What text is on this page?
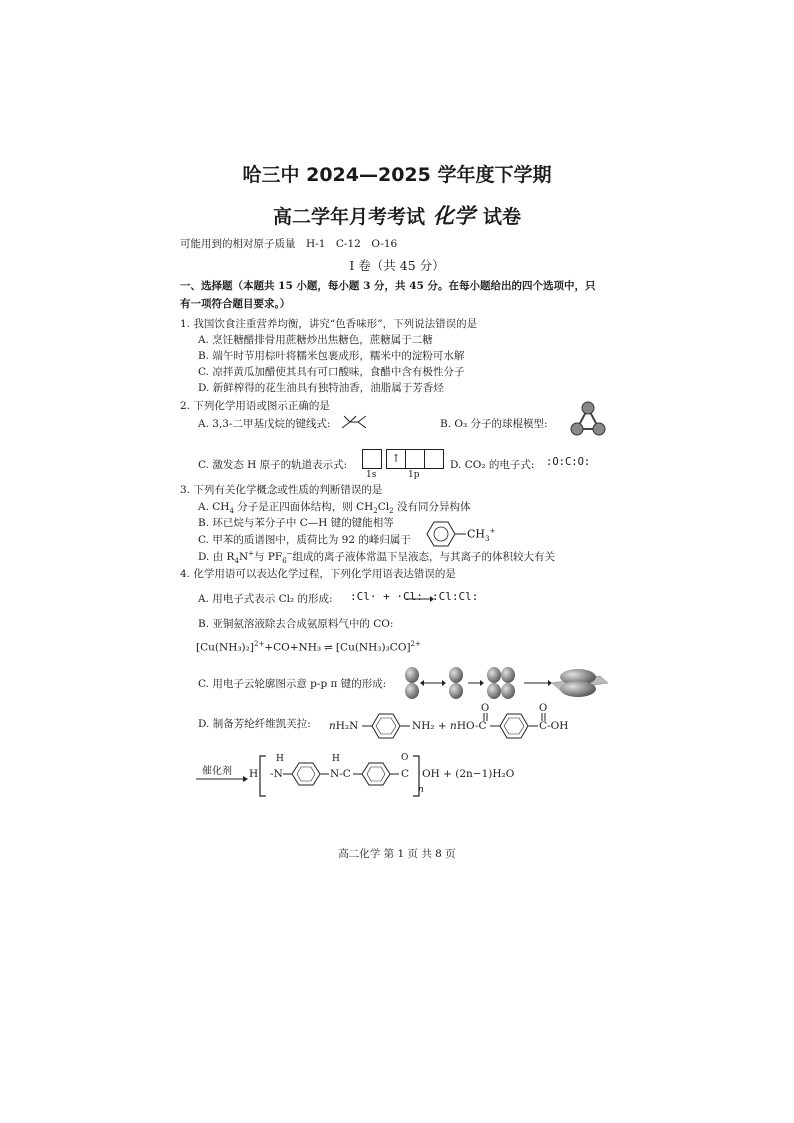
哈三中 2024—2025 学年度下学期
高二学年月考考试 化学 试卷
可能用到的相对原子质量　H-1　C-12　O-16
I 卷（共 45 分）
一、选择题（本题共 15 小题，每小题 3 分，共 45 分。在每小题给出的四个选项中，只
有一项符合题目要求。）
1. 我国饮食注重营养均衡，讲究“色香味形”，下列说法错误的是
A. 烹饪糖醋排骨用蔗糖炒出焦糖色，蔗糖属于二糖
B. 端午时节用棕叶将糯米包裹成形，糯米中的淀粉可水解
C. 凉拌黄瓜加醋使其具有可口酸味，食醋中含有极性分子
D. 新鲜榨得的花生油具有独特油香，油脂属于芳香烃
2. 下列化学用语或图示正确的是
A. 3,3-二甲基戊烷的键线式:	B. O₃ 分子的球棍模型:
C. 激发态 H 原子的轨道表示式:	↑
1s	1p
D. CO₂ 的电子式: :O:C:O:
3. 下列有关化学概念或性质的判断错误的是
A. $CH_4$ 分子是正四面体结构，则 $CH_2Cl_2$ 没有同分异构体
B. 环已烷与苯分子中 C—H 键的键能相等
C. 甲苯的质谱图中，质荷比为 92 的峰归属于	$CH_3^+$
D. 由 $R_4N^+$与 $PF_6^-$组成的离子液体常温下呈液态，与其离子的体积较大有关
4. 化学用语可以表达化学过程，下列化学用语表达错误的是
A. 用电子式表示 Cl₂ 的形成: :Cl· + ·Cl: :Cl:Cl:
B. 亚铜氨溶液除去合成氨原料气中的 CO:
$[Cu(NH_3)_2]^{2+}+CO+NH_3$ ⇌ $[Cu(NH_3)_3CO]^{2+}$
C. 用电子云轮廓图示意 p-p π 键的形成:
D. 制备芳纶纤维凯芙拉: nH₂N	NH₂ + nHO-C
O
C-OH
O
催化剂 → H -N
H
N-C
H
C
O
n
OH + (2n−1)H₂O
高二化学 第 1 页 共 8 页
